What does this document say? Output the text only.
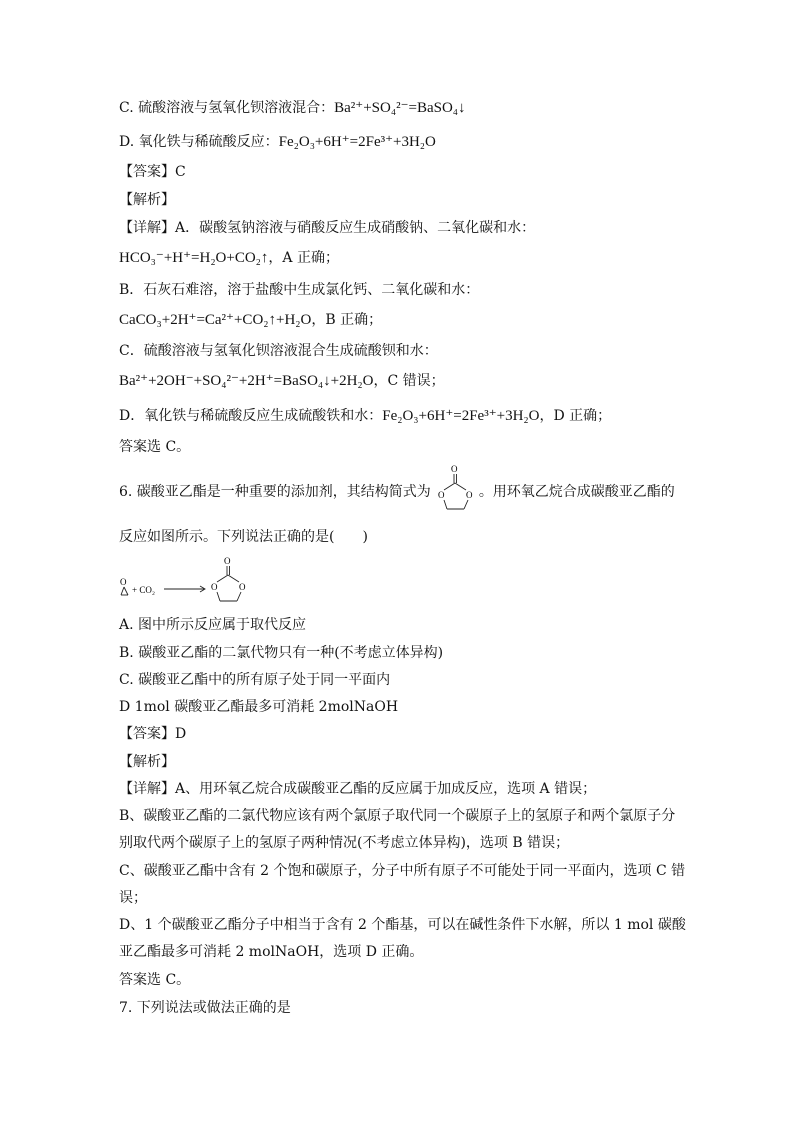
C. 硫酸溶液与氢氧化钡溶液混合：Ba²⁺+SO₄²⁻=BaSO₄↓
D. 氧化铁与稀硫酸反应：Fe₂O₃+6H⁺=2Fe³⁺+3H₂O
【答案】C
【解析】
【详解】A．碳酸氢钠溶液与硝酸反应生成硝酸钠、二氧化碳和水：
HCO₃⁻+H⁺=H₂O+CO₂↑，A 正确；
B．石灰石难溶，溶于盐酸中生成氯化钙、二氧化碳和水：
CaCO₃+2H⁺=Ca²⁺+CO₂↑+H₂O，B 正确；
C．硫酸溶液与氢氧化钡溶液混合生成硫酸钡和水：
Ba²⁺+2OH⁻+SO₄²⁻+2H⁺=BaSO₄↓+2H₂O，C 错误；
D．氧化铁与稀硫酸反应生成硫酸铁和水：Fe₂O₃+6H⁺=2Fe³⁺+3H₂O，D 正确；
答案选 C。
6. 碳酸亚乙酯是一种重要的添加剂，其结构简式为	。用环氧乙烷合成碳酸亚乙酯的
O
O O
反应如图所示。下列说法正确的是(　　)
O
+ CO₂
O
O O
A. 图中所示反应属于取代反应
B. 碳酸亚乙酯的二氯代物只有一种(不考虑立体异构)
C. 碳酸亚乙酯中的所有原子处于同一平面内
D 1mol 碳酸亚乙酯最多可消耗 2molNaOH
【答案】D
【解析】
【详解】A、用环氧乙烷合成碳酸亚乙酯的反应属于加成反应，选项 A 错误；
B、碳酸亚乙酯的二氯代物应该有两个氯原子取代同一个碳原子上的氢原子和两个氯原子分
别取代两个碳原子上的氢原子两种情况(不考虑立体异构)，选项 B 错误；
C、碳酸亚乙酯中含有 2 个饱和碳原子，分子中所有原子不可能处于同一平面内，选项 C 错
误；
D、1 个碳酸亚乙酯分子中相当于含有 2 个酯基，可以在碱性条件下水解，所以 1 mol 碳酸
亚乙酯最多可消耗 2 molNaOH，选项 D 正确。
答案选 C。
7. 下列说法或做法正确的是
